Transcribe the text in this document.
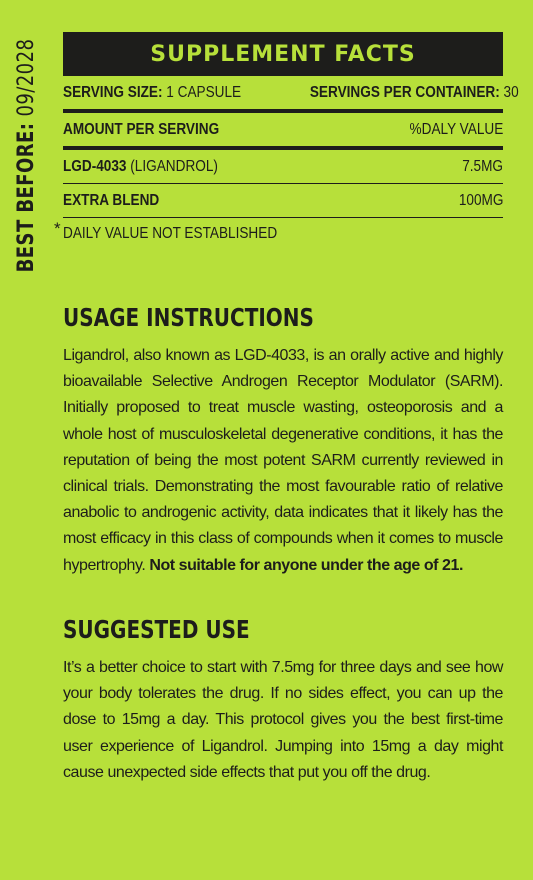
BEST BEFORE: 09/2028	SUPPLEMENT FACTS
SERVING SIZE: 1 CAPSULE	SERVINGS PER CONTAINER: 30
AMOUNT PER SERVING	%DALY VALUE
LGD-4033 (LIGANDROL)	7.5MG
EXTRA BLEND	100MG
* DAILY VALUE NOT ESTABLISHED
USAGE INSTRUCTIONS

Ligandrol, also known as LGD-4033, is an orally active and highly bioavailable Selective Androgen Receptor Modulator (SARM). Initially proposed to treat muscle wasting, osteoporosis and a whole host of musculoskeletal degenerative conditions, it has the reputation of being the most potent SARM currently reviewed in clinical trials. Demonstrating the most favourable ratio of relative anabolic to androgenic activity, data indicates that it likely has the most efficacy in this class of compounds when it comes to muscle hypertrophy. Not suitable for anyone under the age of 21.

SUGGESTED USE

It’s a better choice to start with 7.5mg for three days and see how your body tolerates the drug. If no sides effect, you can up the dose to 15mg a day. This protocol gives you the best first-time user experience of Ligandrol. Jumping into 15mg a day might cause unexpected side effects that put you off the drug.
